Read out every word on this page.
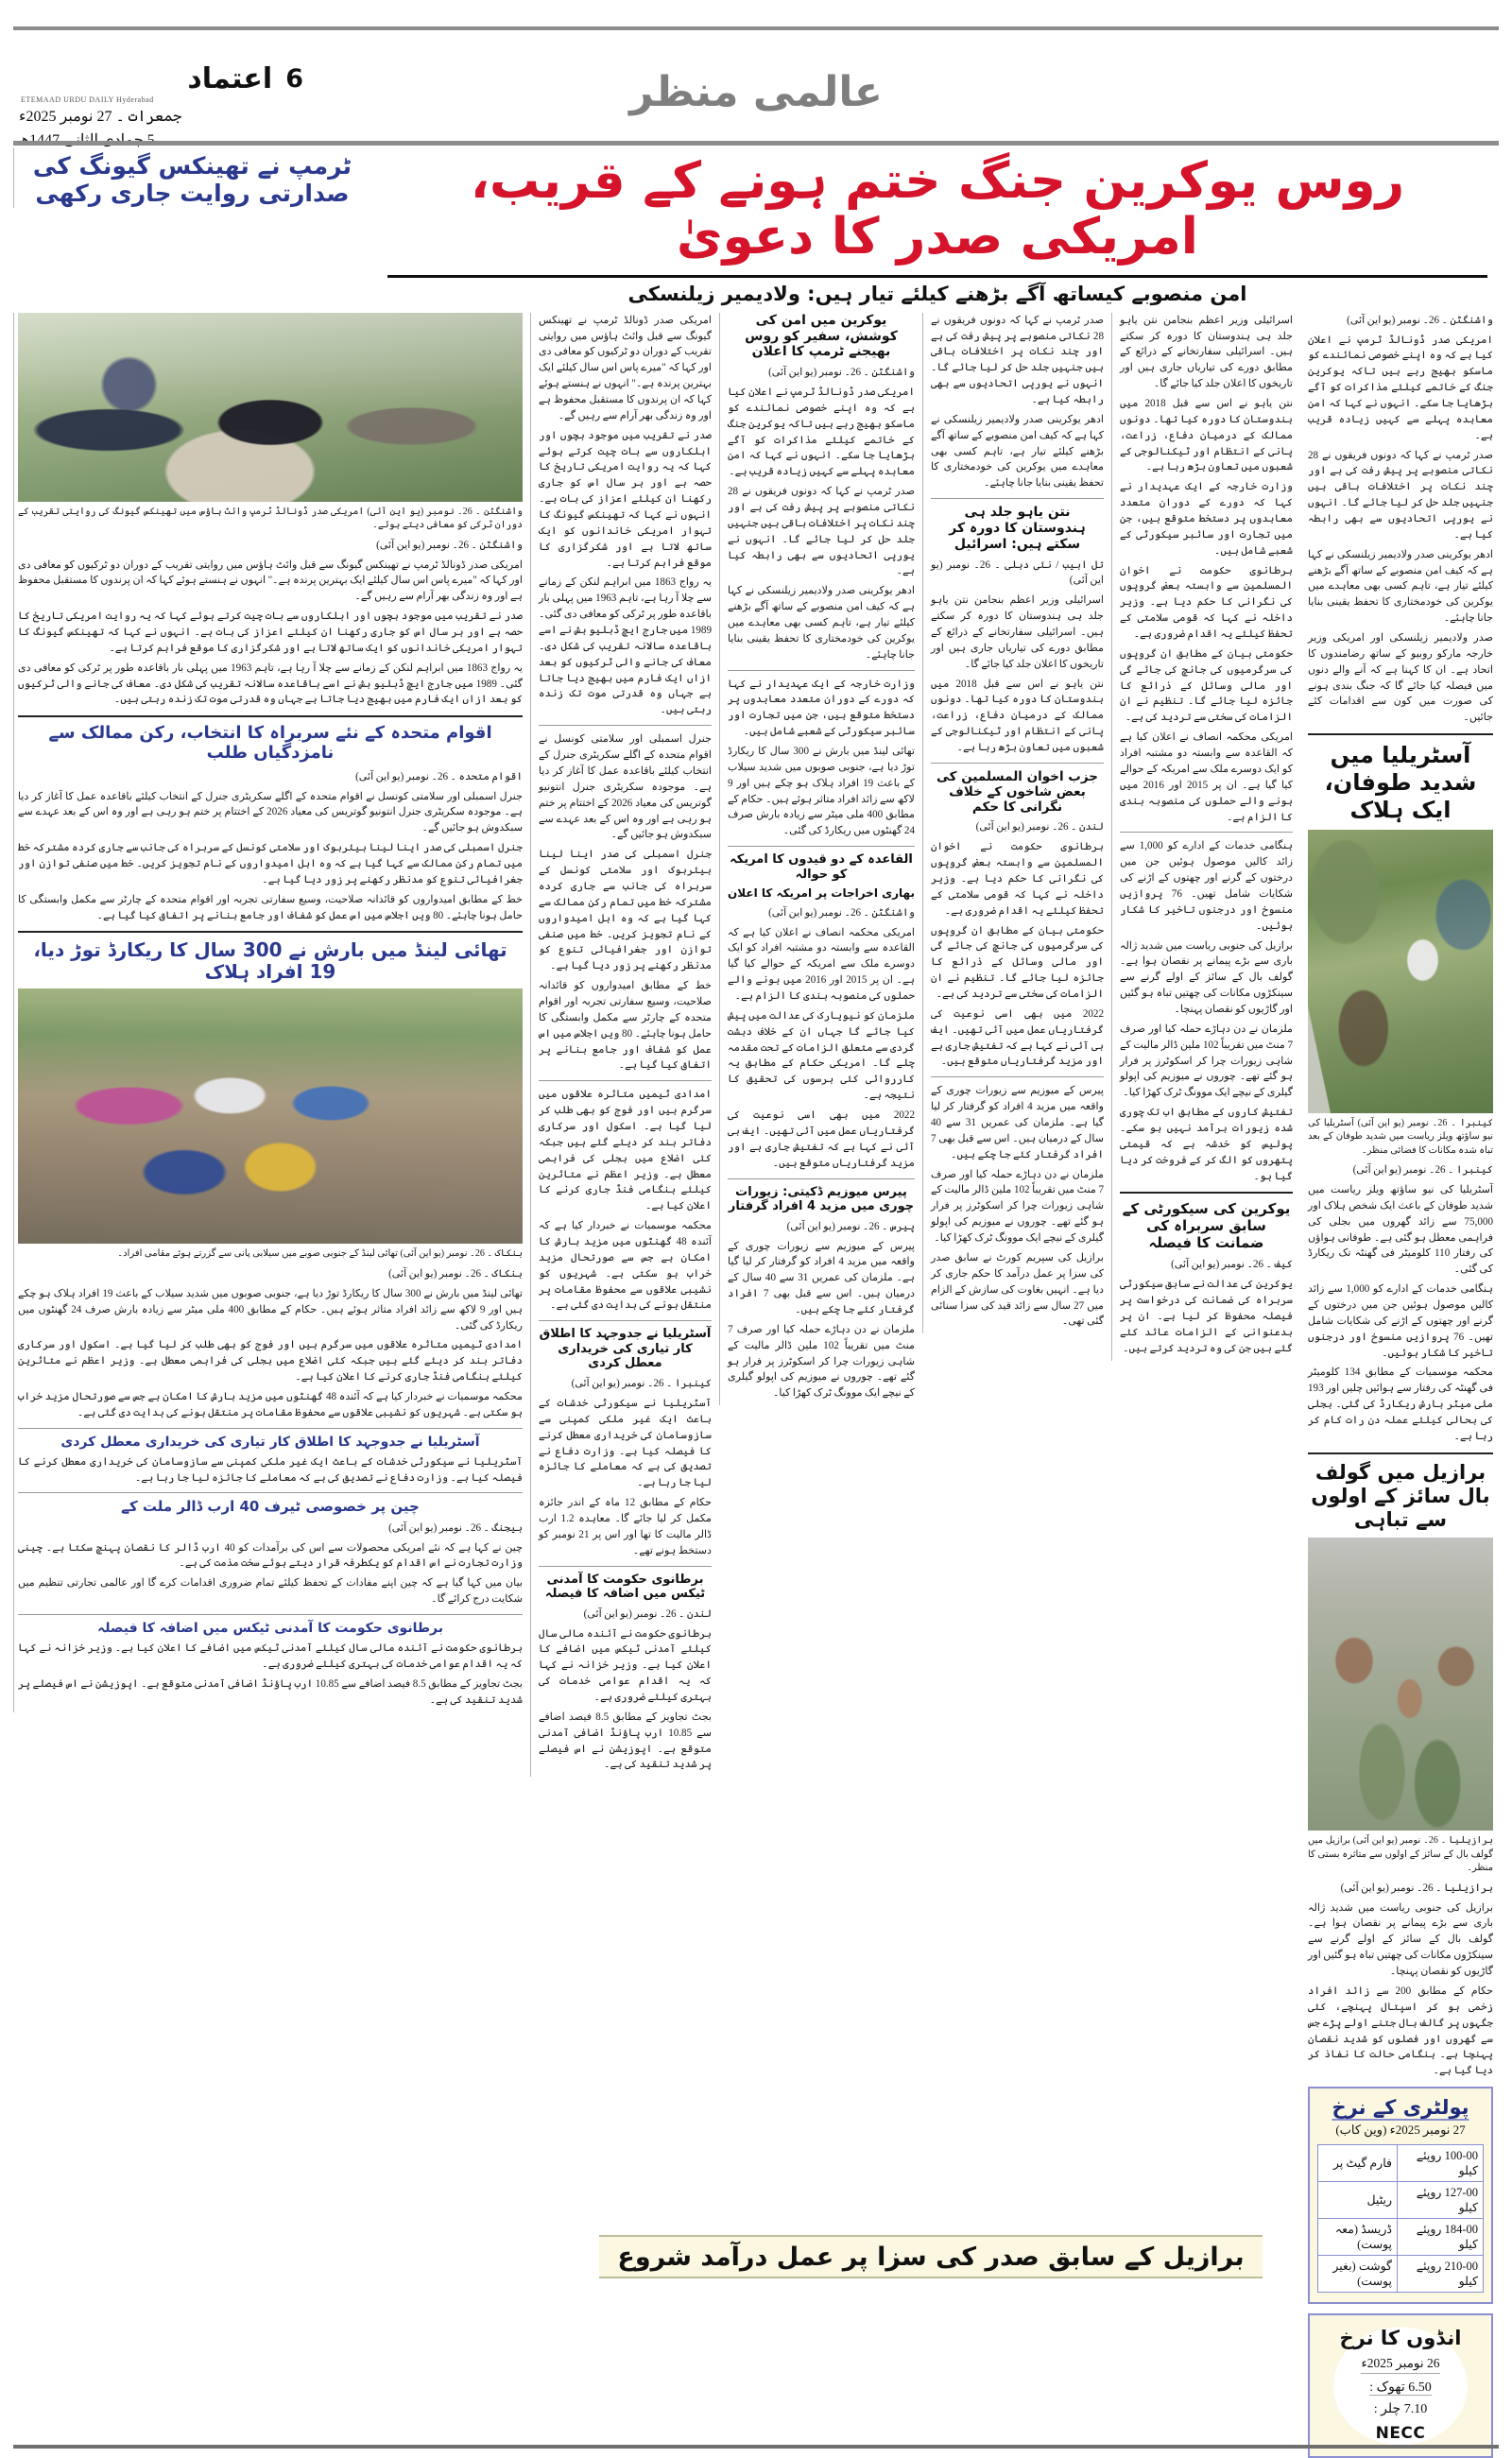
اعتماد 6
ETEMAAD URDU DAILY Hyderabad
جمعرات ۔ 27 نومبر 2025ء
5 جمادی الثانی 1447ھ
عالمی منظر
روس یوکرین جنگ ختم ہونے کے قریب، امریکی صدر کا دعویٰ
امن منصوبے کیساتھ آگے بڑھنے کیلئے تیار ہیں: ولادیمیر زیلنسکی
ٹرمپ نے تھینکس گیونگ کی صدارتی روایت جاری رکھی

واشنگٹن ۔ 26۔ نومبر (یو این آئی)

امریکی صدر ڈونالڈ ٹرمپ نے اعلان کیا ہے کہ وہ اپنے خصوصی نمائندے کو ماسکو بھیج رہے ہیں تاکہ یوکرین جنگ کے خاتمے کیلئے مذاکرات کو آگے بڑھایا جا سکے۔ انہوں نے کہا کہ امن معاہدہ پہلے سے کہیں زیادہ قریب ہے۔

صدر ٹرمپ نے کہا کہ دونوں فریقوں نے 28 نکاتی منصوبے پر پیش رفت کی ہے اور چند نکات پر اختلافات باقی ہیں جنہیں جلد حل کر لیا جائے گا۔ انہوں نے یورپی اتحادیوں سے بھی رابطہ کیا ہے۔

ادھر یوکرینی صدر ولادیمیر زیلنسکی نے کہا ہے کہ کیف امن منصوبے کے ساتھ آگے بڑھنے کیلئے تیار ہے، تاہم کسی بھی معاہدے میں یوکرین کی خودمختاری کا تحفظ یقینی بنایا جانا چاہئے۔

صدر ولادیمیر زیلنسکی اور امریکی وزیر خارجہ مارکو روبیو کے ساتھ رضامندوں کا اتحاد ہے۔ ان کا کہنا ہے کہ آنے والے دنوں میں فیصلہ کیا جائے گا کہ جنگ بندی ہونے کی صورت میں کون سے اقدامات کئے جائیں۔

آسٹریلیا میں شدید طوفان، ایک ہلاک
کینبرا ۔ 26۔ نومبر (یو این آئی) آسٹریلیا کی نیو ساؤتھ ویلز ریاست میں شدید طوفان کے بعد تباہ شدہ مکانات کا فضائی منظر۔

کینبرا ۔ 26۔ نومبر (یو این آئی)

آسٹریلیا کی نیو ساؤتھ ویلز ریاست میں شدید طوفان کے باعث ایک شخص ہلاک اور 75,000 سے زائد گھروں میں بجلی کی فراہمی معطل ہو گئی ہے۔ طوفانی ہواؤں کی رفتار 110 کلومیٹر فی گھنٹہ تک ریکارڈ کی گئی۔

ہنگامی خدمات کے ادارے کو 1,000 سے زائد کالیں موصول ہوئیں جن میں درختوں کے گرنے اور چھتوں کے اڑنے کی شکایات شامل تھیں۔ 76 پروازیں منسوخ اور درجنوں تاخیر کا شکار ہوئیں۔

محکمہ موسمیات کے مطابق 134 کلومیٹر فی گھنٹہ کی رفتار سے ہوائیں چلیں اور 193 ملی میٹر بارش ریکارڈ کی گئی۔ بجلی کی بحالی کیلئے عملہ دن رات کام کر رہا ہے۔

برازیل میں گولف بال سائز کے اولوں سے تباہی
برازیلیا ۔ 26۔ نومبر (یو این آئی) برازیل میں گولف بال کے سائز کے اولوں سے متاثرہ بستی کا منظر۔

برازیلیا ۔ 26۔ نومبر (یو این آئی)

برازیل کی جنوبی ریاست میں شدید ژالہ باری سے بڑے پیمانے پر نقصان ہوا ہے۔ گولف بال کے سائز کے اولے گرنے سے سینکڑوں مکانات کی چھتیں تباہ ہو گئیں اور گاڑیوں کو نقصان پہنچا۔

حکام کے مطابق 200 سے زائد افراد زخمی ہو کر اسپتال پہنچے، کئی جگہوں پر گالف بال جتنے اولے پڑے جس سے گھروں اور فصلوں کو شدید نقصان پہنچا ہے۔ ہنگامی حالت کا نفاذ کر دیا گیا ہے۔

پولٹری کے نرخ
27 نومبر 2025ء (وین کاب)
100-00 روپئے کیلو	فارم گیٹ پر
127-00 روپئے کیلو	ریٹیل
184-00 روپئے کیلو	ڈریسڈ (معہ پوست)
210-00 روپئے کیلو	گوشت (بغیر پوست)
انڈوں کا نرخ
26 نومبر 2025ء
6.50 تھوک :
7.10 چلر :
NECC

اسرائیلی وزیر اعظم بنجامن نتن یاہو جلد ہی ہندوستان کا دورہ کر سکتے ہیں۔ اسرائیلی سفارتخانے کے ذرائع کے مطابق دورے کی تیاریاں جاری ہیں اور تاریخوں کا اعلان جلد کیا جائے گا۔

نتن یاہو نے اس سے قبل 2018 میں ہندوستان کا دورہ کیا تھا۔ دونوں ممالک کے درمیان دفاع، زراعت، پانی کے انتظام اور ٹیکنالوجی کے شعبوں میں تعاون بڑھ رہا ہے۔

وزارت خارجہ کے ایک عہدیدار نے کہا کہ دورے کے دوران متعدد معاہدوں پر دستخط متوقع ہیں، جن میں تجارت اور سائبر سیکورٹی کے شعبے شامل ہیں۔

برطانوی حکومت نے اخوان المسلمین سے وابستہ بعض گروپوں کی نگرانی کا حکم دیا ہے۔ وزیر داخلہ نے کہا کہ قومی سلامتی کے تحفظ کیلئے یہ اقدام ضروری ہے۔

حکومتی بیان کے مطابق ان گروپوں کی سرگرمیوں کی جانچ کی جائے گی اور مالی وسائل کے ذرائع کا جائزہ لیا جائے گا۔ تنظیم نے ان الزامات کی سختی سے تردید کی ہے۔

امریکی محکمہ انصاف نے اعلان کیا ہے کہ القاعدہ سے وابستہ دو مشتبہ افراد کو ایک دوسرے ملک سے امریکہ کے حوالے کیا گیا ہے۔ ان پر 2015 اور 2016 میں ہونے والے حملوں کی منصوبہ بندی کا الزام ہے۔

ہنگامی خدمات کے ادارے کو 1,000 سے زائد کالیں موصول ہوئیں جن میں درختوں کے گرنے اور چھتوں کے اڑنے کی شکایات شامل تھیں۔ 76 پروازیں منسوخ اور درجنوں تاخیر کا شکار ہوئیں۔

برازیل کی جنوبی ریاست میں شدید ژالہ باری سے بڑے پیمانے پر نقصان ہوا ہے۔ گولف بال کے سائز کے اولے گرنے سے سینکڑوں مکانات کی چھتیں تباہ ہو گئیں اور گاڑیوں کو نقصان پہنچا۔

ملزمان نے دن دہاڑے حملہ کیا اور صرف 7 منٹ میں تقریباً 102 ملین ڈالر مالیت کے شاہی زیورات چرا کر اسکوٹرز پر فرار ہو گئے تھے۔ چوروں نے میوزیم کی اپولو گیلری کے نیچے ایک موونگ ٹرک کھڑا کیا۔

تفتیش کاروں کے مطابق اب تک چوری شدہ زیورات برآمد نہیں ہو سکے۔ پولیس کو خدشہ ہے کہ قیمتی پتھروں کو الگ کر کے فروخت کر دیا گیا ہو۔

یوکرین کی سیکورٹی کے سابق سربراہ کی ضمانت کا فیصلہ

کیف ۔ 26۔ نومبر (یو این آئی)

یوکرین کی عدالت نے سابق سیکورٹی سربراہ کی ضمانت کی درخواست پر فیصلہ محفوظ کر لیا ہے۔ ان پر بدعنوانی کے الزامات عائد کئے گئے ہیں جن کی وہ تردید کرتے ہیں۔

صدر ٹرمپ نے کہا کہ دونوں فریقوں نے 28 نکاتی منصوبے پر پیش رفت کی ہے اور چند نکات پر اختلافات باقی ہیں جنہیں جلد حل کر لیا جائے گا۔ انہوں نے یورپی اتحادیوں سے بھی رابطہ کیا ہے۔

ادھر یوکرینی صدر ولادیمیر زیلنسکی نے کہا ہے کہ کیف امن منصوبے کے ساتھ آگے بڑھنے کیلئے تیار ہے، تاہم کسی بھی معاہدے میں یوکرین کی خودمختاری کا تحفظ یقینی بنایا جانا چاہئے۔

نتن یاہو جلد ہی ہندوستان کا دورہ کر سکتے ہیں: اسرائیل

تل ابیب / نئی دہلی ۔ 26۔ نومبر (یو این آئی)

اسرائیلی وزیر اعظم بنجامن نتن یاہو جلد ہی ہندوستان کا دورہ کر سکتے ہیں۔ اسرائیلی سفارتخانے کے ذرائع کے مطابق دورے کی تیاریاں جاری ہیں اور تاریخوں کا اعلان جلد کیا جائے گا۔

نتن یاہو نے اس سے قبل 2018 میں ہندوستان کا دورہ کیا تھا۔ دونوں ممالک کے درمیان دفاع، زراعت، پانی کے انتظام اور ٹیکنالوجی کے شعبوں میں تعاون بڑھ رہا ہے۔

جزب اخوان المسلمین کی بعض شاخوں کے خلاف نگرانی کا حکم

لندن ۔ 26۔ نومبر (یو این آئی)

برطانوی حکومت نے اخوان المسلمین سے وابستہ بعض گروپوں کی نگرانی کا حکم دیا ہے۔ وزیر داخلہ نے کہا کہ قومی سلامتی کے تحفظ کیلئے یہ اقدام ضروری ہے۔

حکومتی بیان کے مطابق ان گروپوں کی سرگرمیوں کی جانچ کی جائے گی اور مالی وسائل کے ذرائع کا جائزہ لیا جائے گا۔ تنظیم نے ان الزامات کی سختی سے تردید کی ہے۔

2022 میں بھی اسی نوعیت کی گرفتاریاں عمل میں آئی تھیں۔ ایف بی آئی نے کہا ہے کہ تفتیش جاری ہے اور مزید گرفتاریاں متوقع ہیں۔

پیرس کے میوزیم سے زیورات چوری کے واقعہ میں مزید 4 افراد کو گرفتار کر لیا گیا ہے۔ ملزمان کی عمریں 31 سے 40 سال کے درمیان ہیں۔ اس سے قبل بھی 7 افراد گرفتار کئے جا چکے ہیں۔

ملزمان نے دن دہاڑے حملہ کیا اور صرف 7 منٹ میں تقریباً 102 ملین ڈالر مالیت کے شاہی زیورات چرا کر اسکوٹرز پر فرار ہو گئے تھے۔ چوروں نے میوزیم کی اپولو گیلری کے نیچے ایک موونگ ٹرک کھڑا کیا۔

برازیل کی سپریم کورٹ نے سابق صدر کی سزا پر عمل درآمد کا حکم جاری کر دیا ہے۔ انہیں بغاوت کی سازش کے الزام میں 27 سال سے زائد قید کی سزا سنائی گئی تھی۔

یوکرین میں امن کی کوشش، سفیر کو روس بھیجنے ٹرمپ کا اعلان

واشنگٹن ۔ 26۔ نومبر (یو این آئی)

امریکی صدر ڈونالڈ ٹرمپ نے اعلان کیا ہے کہ وہ اپنے خصوصی نمائندے کو ماسکو بھیج رہے ہیں تاکہ یوکرین جنگ کے خاتمے کیلئے مذاکرات کو آگے بڑھایا جا سکے۔ انہوں نے کہا کہ امن معاہدہ پہلے سے کہیں زیادہ قریب ہے۔

صدر ٹرمپ نے کہا کہ دونوں فریقوں نے 28 نکاتی منصوبے پر پیش رفت کی ہے اور چند نکات پر اختلافات باقی ہیں جنہیں جلد حل کر لیا جائے گا۔ انہوں نے یورپی اتحادیوں سے بھی رابطہ کیا ہے۔

ادھر یوکرینی صدر ولادیمیر زیلنسکی نے کہا ہے کہ کیف امن منصوبے کے ساتھ آگے بڑھنے کیلئے تیار ہے، تاہم کسی بھی معاہدے میں یوکرین کی خودمختاری کا تحفظ یقینی بنایا جانا چاہئے۔

وزارت خارجہ کے ایک عہدیدار نے کہا کہ دورے کے دوران متعدد معاہدوں پر دستخط متوقع ہیں، جن میں تجارت اور سائبر سیکورٹی کے شعبے شامل ہیں۔

تھائی لینڈ میں بارش نے 300 سال کا ریکارڈ توڑ دیا ہے، جنوبی صوبوں میں شدید سیلاب کے باعث 19 افراد ہلاک ہو چکے ہیں اور 9 لاکھ سے زائد افراد متاثر ہوئے ہیں۔ حکام کے مطابق 400 ملی میٹر سے زیادہ بارش صرف 24 گھنٹوں میں ریکارڈ کی گئی۔

القاعدہ کے دو قیدوں کا امریکہ کو حوالہ
بھاری اخراجات پر امریکہ کا اعلان

واشنگٹن ۔ 26۔ نومبر (یو این آئی)

امریکی محکمہ انصاف نے اعلان کیا ہے کہ القاعدہ سے وابستہ دو مشتبہ افراد کو ایک دوسرے ملک سے امریکہ کے حوالے کیا گیا ہے۔ ان پر 2015 اور 2016 میں ہونے والے حملوں کی منصوبہ بندی کا الزام ہے۔

ملزمان کو نیویارک کی عدالت میں پیش کیا جائے گا جہاں ان کے خلاف دہشت گردی سے متعلق الزامات کے تحت مقدمہ چلے گا۔ امریکی حکام کے مطابق یہ کارروائی کئی برسوں کی تحقیق کا نتیجہ ہے۔

2022 میں بھی اسی نوعیت کی گرفتاریاں عمل میں آئی تھیں۔ ایف بی آئی نے کہا ہے کہ تفتیش جاری ہے اور مزید گرفتاریاں متوقع ہیں۔

پیرس میوزیم ڈکیتی: زیورات چوری میں مزید 4 افراد گرفتار

پیرس ۔ 26۔ نومبر (یو این آئی)

پیرس کے میوزیم سے زیورات چوری کے واقعہ میں مزید 4 افراد کو گرفتار کر لیا گیا ہے۔ ملزمان کی عمریں 31 سے 40 سال کے درمیان ہیں۔ اس سے قبل بھی 7 افراد گرفتار کئے جا چکے ہیں۔

ملزمان نے دن دہاڑے حملہ کیا اور صرف 7 منٹ میں تقریباً 102 ملین ڈالر مالیت کے شاہی زیورات چرا کر اسکوٹرز پر فرار ہو گئے تھے۔ چوروں نے میوزیم کی اپولو گیلری کے نیچے ایک موونگ ٹرک کھڑا کیا۔

امریکی صدر ڈونالڈ ٹرمپ نے تھینکس گیونگ سے قبل وائٹ ہاؤس میں روایتی تقریب کے دوران دو ٹرکیوں کو معافی دی اور کہا کہ "میرے پاس اس سال کیلئے ایک بہترین پرندہ ہے۔" انہوں نے ہنستے ہوئے کہا کہ ان پرندوں کا مستقبل محفوظ ہے اور وہ زندگی بھر آرام سے رہیں گے۔

صدر نے تقریب میں موجود بچوں اور اہلکاروں سے بات چیت کرتے ہوئے کہا کہ یہ روایت امریکی تاریخ کا حصہ ہے اور ہر سال اس کو جاری رکھنا ان کیلئے اعزاز کی بات ہے۔ انہوں نے کہا کہ تھینکس گیونگ کا تہوار امریکی خاندانوں کو ایک ساتھ لاتا ہے اور شکرگزاری کا موقع فراہم کرتا ہے۔

یہ رواج 1863 میں ابراہم لنکن کے زمانے سے چلا آ رہا ہے، تاہم 1963 میں پہلی بار باقاعدہ طور پر ٹرکی کو معافی دی گئی۔ 1989 میں جارج ایچ ڈبلیو بش نے اسے باقاعدہ سالانہ تقریب کی شکل دی۔ معاف کی جانے والی ٹرکیوں کو بعد ازاں ایک فارم میں بھیج دیا جاتا ہے جہاں وہ قدرتی موت تک زندہ رہتی ہیں۔

جنرل اسمبلی اور سلامتی کونسل نے اقوام متحدہ کے اگلے سکریٹری جنرل کے انتخاب کیلئے باقاعدہ عمل کا آغاز کر دیا ہے۔ موجودہ سکریٹری جنرل انتونیو گوتریس کی معیاد 2026 کے اختتام پر ختم ہو رہی ہے اور وہ اس کے بعد عہدے سے سبکدوش ہو جائیں گے۔

جنرل اسمبلی کی صدر اینا لینا بیئربوک اور سلامتی کونسل کے سربراہ کی جانب سے جاری کردہ مشترکہ خط میں تمام رکن ممالک سے کہا گیا ہے کہ وہ اہل امیدواروں کے نام تجویز کریں۔ خط میں صنفی توازن اور جغرافیائی تنوع کو مدنظر رکھنے پر زور دیا گیا ہے۔

خط کے مطابق امیدواروں کو قائدانہ صلاحیت، وسیع سفارتی تجربہ اور اقوام متحدہ کے چارٹر سے مکمل وابستگی کا حامل ہونا چاہئے۔ 80 ویں اجلاس میں اس عمل کو شفاف اور جامع بنانے پر اتفاق کیا گیا ہے۔

امدادی ٹیمیں متاثرہ علاقوں میں سرگرم ہیں اور فوج کو بھی طلب کر لیا گیا ہے۔ اسکول اور سرکاری دفاتر بند کر دیئے گئے ہیں جبکہ کئی اضلاع میں بجلی کی فراہمی معطل ہے۔ وزیر اعظم نے متاثرین کیلئے ہنگامی فنڈ جاری کرنے کا اعلان کیا ہے۔

محکمہ موسمیات نے خبردار کیا ہے کہ آئندہ 48 گھنٹوں میں مزید بارش کا امکان ہے جس سے صورتحال مزید خراب ہو سکتی ہے۔ شہریوں کو نشیبی علاقوں سے محفوظ مقامات پر منتقل ہونے کی ہدایت دی گئی ہے۔

آسٹریلیا نے جدوجہد کا اطلاق کار تیاری کی خریداری معطل کردی

کینبرا ۔ 26۔ نومبر (یو این آئی)

آسٹریلیا نے سیکورٹی خدشات کے باعث ایک غیر ملکی کمپنی سے سازوسامان کی خریداری معطل کرنے کا فیصلہ کیا ہے۔ وزارت دفاع نے تصدیق کی ہے کہ معاملے کا جائزہ لیا جا رہا ہے۔

حکام کے مطابق 12 ماہ کے اندر جائزہ مکمل کر لیا جائے گا۔ معاہدہ 1.2 ارب ڈالر مالیت کا تھا اور اس پر 21 نومبر کو دستخط ہونے تھے۔

برطانوی حکومت کا آمدنی ٹیکس میں اضافہ کا فیصلہ

لندن ۔ 26۔ نومبر (یو این آئی)

برطانوی حکومت نے آئندہ مالی سال کیلئے آمدنی ٹیکس میں اضافے کا اعلان کیا ہے۔ وزیر خزانہ نے کہا کہ یہ اقدام عوامی خدمات کی بہتری کیلئے ضروری ہے۔

بجٹ تجاویز کے مطابق 8.5 فیصد اضافے سے 10.85 ارب پاؤنڈ اضافی آمدنی متوقع ہے۔ اپوزیشن نے اس فیصلے پر شدید تنقید کی ہے۔

واشنگٹن ۔ 26۔ نومبر (یو این آئی) امریکی صدر ڈونالڈ ٹرمپ وائٹ ہاؤس میں تھینکس گیونگ کی روایتی تقریب کے دوران ٹرکی کو معافی دیتے ہوئے۔

واشنگٹن ۔ 26۔ نومبر (یو این آئی)

امریکی صدر ڈونالڈ ٹرمپ نے تھینکس گیونگ سے قبل وائٹ ہاؤس میں روایتی تقریب کے دوران دو ٹرکیوں کو معافی دی اور کہا کہ "میرے پاس اس سال کیلئے ایک بہترین پرندہ ہے۔" انہوں نے ہنستے ہوئے کہا کہ ان پرندوں کا مستقبل محفوظ ہے اور وہ زندگی بھر آرام سے رہیں گے۔

صدر نے تقریب میں موجود بچوں اور اہلکاروں سے بات چیت کرتے ہوئے کہا کہ یہ روایت امریکی تاریخ کا حصہ ہے اور ہر سال اس کو جاری رکھنا ان کیلئے اعزاز کی بات ہے۔ انہوں نے کہا کہ تھینکس گیونگ کا تہوار امریکی خاندانوں کو ایک ساتھ لاتا ہے اور شکرگزاری کا موقع فراہم کرتا ہے۔

یہ رواج 1863 میں ابراہم لنکن کے زمانے سے چلا آ رہا ہے، تاہم 1963 میں پہلی بار باقاعدہ طور پر ٹرکی کو معافی دی گئی۔ 1989 میں جارج ایچ ڈبلیو بش نے اسے باقاعدہ سالانہ تقریب کی شکل دی۔ معاف کی جانے والی ٹرکیوں کو بعد ازاں ایک فارم میں بھیج دیا جاتا ہے جہاں وہ قدرتی موت تک زندہ رہتی ہیں۔

اقوام متحدہ کے نئے سربراہ کا انتخاب، رکن ممالک سے نامزدگیاں طلب

اقوام متحدہ ۔ 26۔ نومبر (یو این آئی)

جنرل اسمبلی اور سلامتی کونسل نے اقوام متحدہ کے اگلے سکریٹری جنرل کے انتخاب کیلئے باقاعدہ عمل کا آغاز کر دیا ہے۔ موجودہ سکریٹری جنرل انتونیو گوتریس کی معیاد 2026 کے اختتام پر ختم ہو رہی ہے اور وہ اس کے بعد عہدے سے سبکدوش ہو جائیں گے۔

جنرل اسمبلی کی صدر اینا لینا بیئربوک اور سلامتی کونسل کے سربراہ کی جانب سے جاری کردہ مشترکہ خط میں تمام رکن ممالک سے کہا گیا ہے کہ وہ اہل امیدواروں کے نام تجویز کریں۔ خط میں صنفی توازن اور جغرافیائی تنوع کو مدنظر رکھنے پر زور دیا گیا ہے۔

خط کے مطابق امیدواروں کو قائدانہ صلاحیت، وسیع سفارتی تجربہ اور اقوام متحدہ کے چارٹر سے مکمل وابستگی کا حامل ہونا چاہئے۔ 80 ویں اجلاس میں اس عمل کو شفاف اور جامع بنانے پر اتفاق کیا گیا ہے۔

تھائی لینڈ میں بارش نے 300 سال کا ریکارڈ توڑ دیا، 19 افراد ہلاک
بنکاک ۔ 26۔ نومبر (یو این آئی) تھائی لینڈ کے جنوبی صوبے میں سیلابی پانی سے گزرتے ہوئے مقامی افراد۔

بنکاک ۔ 26۔ نومبر (یو این آئی)

تھائی لینڈ میں بارش نے 300 سال کا ریکارڈ توڑ دیا ہے، جنوبی صوبوں میں شدید سیلاب کے باعث 19 افراد ہلاک ہو چکے ہیں اور 9 لاکھ سے زائد افراد متاثر ہوئے ہیں۔ حکام کے مطابق 400 ملی میٹر سے زیادہ بارش صرف 24 گھنٹوں میں ریکارڈ کی گئی۔

امدادی ٹیمیں متاثرہ علاقوں میں سرگرم ہیں اور فوج کو بھی طلب کر لیا گیا ہے۔ اسکول اور سرکاری دفاتر بند کر دیئے گئے ہیں جبکہ کئی اضلاع میں بجلی کی فراہمی معطل ہے۔ وزیر اعظم نے متاثرین کیلئے ہنگامی فنڈ جاری کرنے کا اعلان کیا ہے۔

محکمہ موسمیات نے خبردار کیا ہے کہ آئندہ 48 گھنٹوں میں مزید بارش کا امکان ہے جس سے صورتحال مزید خراب ہو سکتی ہے۔ شہریوں کو نشیبی علاقوں سے محفوظ مقامات پر منتقل ہونے کی ہدایت دی گئی ہے۔

آسٹریلیا نے جدوجہد کا اطلاق کار تیاری کی خریداری معطل کردی

آسٹریلیا نے سیکورٹی خدشات کے باعث ایک غیر ملکی کمپنی سے سازوسامان کی خریداری معطل کرنے کا فیصلہ کیا ہے۔ وزارت دفاع نے تصدیق کی ہے کہ معاملے کا جائزہ لیا جا رہا ہے۔

چین پر خصوصی ٹیرف 40 ارب ڈالر ملت کے

بیجنگ ۔ 26۔ نومبر (یو این آئی)

چین نے کہا ہے کہ نئے امریکی محصولات سے اس کی برآمدات کو 40 ارب ڈالر کا نقصان پہنچ سکتا ہے۔ چینی وزارت تجارت نے اس اقدام کو یکطرفہ قرار دیتے ہوئے سخت مذمت کی ہے۔

بیان میں کہا گیا ہے کہ چین اپنے مفادات کے تحفظ کیلئے تمام ضروری اقدامات کرے گا اور عالمی تجارتی تنظیم میں شکایت درج کرائے گا۔

برطانوی حکومت کا آمدنی ٹیکس میں اضافہ کا فیصلہ

برطانوی حکومت نے آئندہ مالی سال کیلئے آمدنی ٹیکس میں اضافے کا اعلان کیا ہے۔ وزیر خزانہ نے کہا کہ یہ اقدام عوامی خدمات کی بہتری کیلئے ضروری ہے۔

بجٹ تجاویز کے مطابق 8.5 فیصد اضافے سے 10.85 ارب پاؤنڈ اضافی آمدنی متوقع ہے۔ اپوزیشن نے اس فیصلے پر شدید تنقید کی ہے۔

برازیل کے سابق صدر کی سزا پر عمل درآمد شروع
